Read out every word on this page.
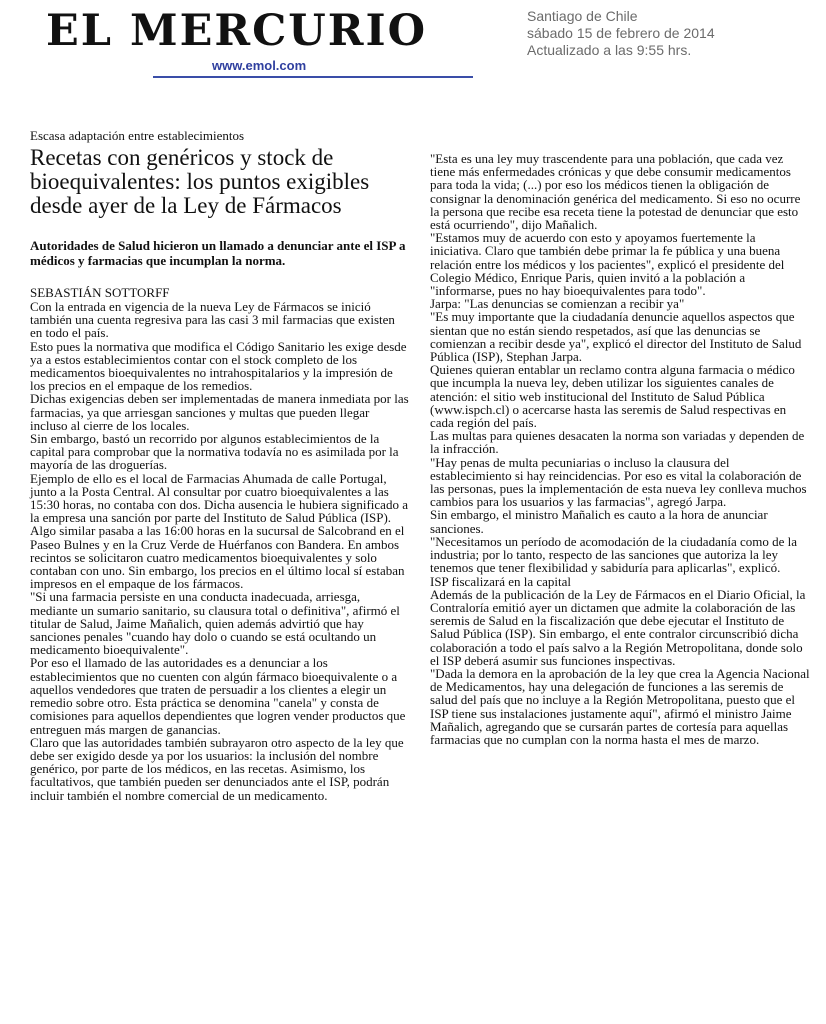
EL MERCURIO
www.emol.com
Santiago de Chile
sábado 15 de febrero de 2014
Actualizado a las 9:55 hrs.
Escasa adaptación entre establecimientos
Recetas con genéricos y stock de bioequivalentes: los puntos exigibles desde ayer de la Ley de Fármacos
Autoridades de Salud hicieron un llamado a denunciar ante el ISP a médicos y farmacias que incumplan la norma.
SEBASTIÁN SOTTORFF

Con la entrada en vigencia de la nueva Ley de Fármacos se inició también una cuenta regresiva para las casi 3 mil farmacias que existen en todo el país.

Esto pues la normativa que modifica el Código Sanitario les exige desde ya a estos establecimientos contar con el stock completo de los medicamentos bioequivalentes no intrahospitalarios y la impresión de los precios en el empaque de los remedios.

Dichas exigencias deben ser implementadas de manera inmediata por las farmacias, ya que arriesgan sanciones y multas que pueden llegar incluso al cierre de los locales.

Sin embargo, bastó un recorrido por algunos establecimientos de la capital para comprobar que la normativa todavía no es asimilada por la mayoría de las droguerías.

Ejemplo de ello es el local de Farmacias Ahumada de calle Portugal, junto a la Posta Central. Al consultar por cuatro bioequivalentes a las 15:30 horas, no contaba con dos. Dicha ausencia le hubiera significado a la empresa una sanción por parte del Instituto de Salud Pública (ISP).

Algo similar pasaba a las 16:00 horas en la sucursal de Salcobrand en el Paseo Bulnes y en la Cruz Verde de Huérfanos con Bandera. En ambos recintos se solicitaron cuatro medicamentos bioequivalentes y solo contaban con uno. Sin embargo, los precios en el último local sí estaban impresos en el empaque de los fármacos.

"Si una farmacia persiste en una conducta inadecuada, arriesga, mediante un sumario sanitario, su clausura total o definitiva", afirmó el titular de Salud, Jaime Mañalich, quien además advirtió que hay sanciones penales "cuando hay dolo o cuando se está ocultando un medicamento bioequivalente".

Por eso el llamado de las autoridades es a denunciar a los establecimientos que no cuenten con algún fármaco bioequivalente o a aquellos vendedores que traten de persuadir a los clientes a elegir un remedio sobre otro. Esta práctica se denomina "canela" y consta de comisiones para aquellos dependientes que logren vender productos que entreguen más margen de ganancias.

Claro que las autoridades también subrayaron otro aspecto de la ley que debe ser exigido desde ya por los usuarios: la inclusión del nombre genérico, por parte de los médicos, en las recetas. Asimismo, los facultativos, que también pueden ser denunciados ante el ISP, podrán incluir también el nombre comercial de un medicamento.

"Esta es una ley muy trascendente para una población, que cada vez tiene más enfermedades crónicas y que debe consumir medicamentos para toda la vida; (...) por eso los médicos tienen la obligación de consignar la denominación genérica del medicamento. Si eso no ocurre la persona que recibe esa receta tiene la potestad de denunciar que esto está ocurriendo", dijo Mañalich.

"Estamos muy de acuerdo con esto y apoyamos fuertemente la iniciativa. Claro que también debe primar la fe pública y una buena relación entre los médicos y los pacientes", explicó el presidente del Colegio Médico, Enrique Paris, quien invitó a la población a "informarse, pues no hay bioequivalentes para todo".

Jarpa: "Las denuncias se comienzan a recibir ya"

"Es muy importante que la ciudadanía denuncie aquellos aspectos que sientan que no están siendo respetados, así que las denuncias se comienzan a recibir desde ya", explicó el director del Instituto de Salud Pública (ISP), Stephan Jarpa.

Quienes quieran entablar un reclamo contra alguna farmacia o médico que incumpla la nueva ley, deben utilizar los siguientes canales de atención: el sitio web institucional del Instituto de Salud Pública (www.ispch.cl) o acercarse hasta las seremis de Salud respectivas en cada región del país.

Las multas para quienes desacaten la norma son variadas y dependen de la infracción.

"Hay penas de multa pecuniarias o incluso la clausura del establecimiento si hay reincidencias. Por eso es vital la colaboración de las personas, pues la implementación de esta nueva ley conlleva muchos cambios para los usuarios y las farmacias", agregó Jarpa.

Sin embargo, el ministro Mañalich es cauto a la hora de anunciar sanciones.

"Necesitamos un período de acomodación de la ciudadanía como de la industria; por lo tanto, respecto de las sanciones que autoriza la ley tenemos que tener flexibilidad y sabiduría para aplicarlas", explicó.

ISP fiscalizará en la capital

Además de la publicación de la Ley de Fármacos en el Diario Oficial, la Contraloría emitió ayer un dictamen que admite la colaboración de las seremis de Salud en la fiscalización que debe ejecutar el Instituto de Salud Pública (ISP). Sin embargo, el ente contralor circunscribió dicha colaboración a todo el país salvo a la Región Metropolitana, donde solo el ISP deberá asumir sus funciones inspectivas.

"Dada la demora en la aprobación de la ley que crea la Agencia Nacional de Medicamentos, hay una delegación de funciones a las seremis de salud del país que no incluye a la Región Metropolitana, puesto que el ISP tiene sus instalaciones justamente aquí", afirmó el ministro Jaime Mañalich, agregando que se cursarán partes de cortesía para aquellas farmacias que no cumplan con la norma hasta el mes de marzo.
